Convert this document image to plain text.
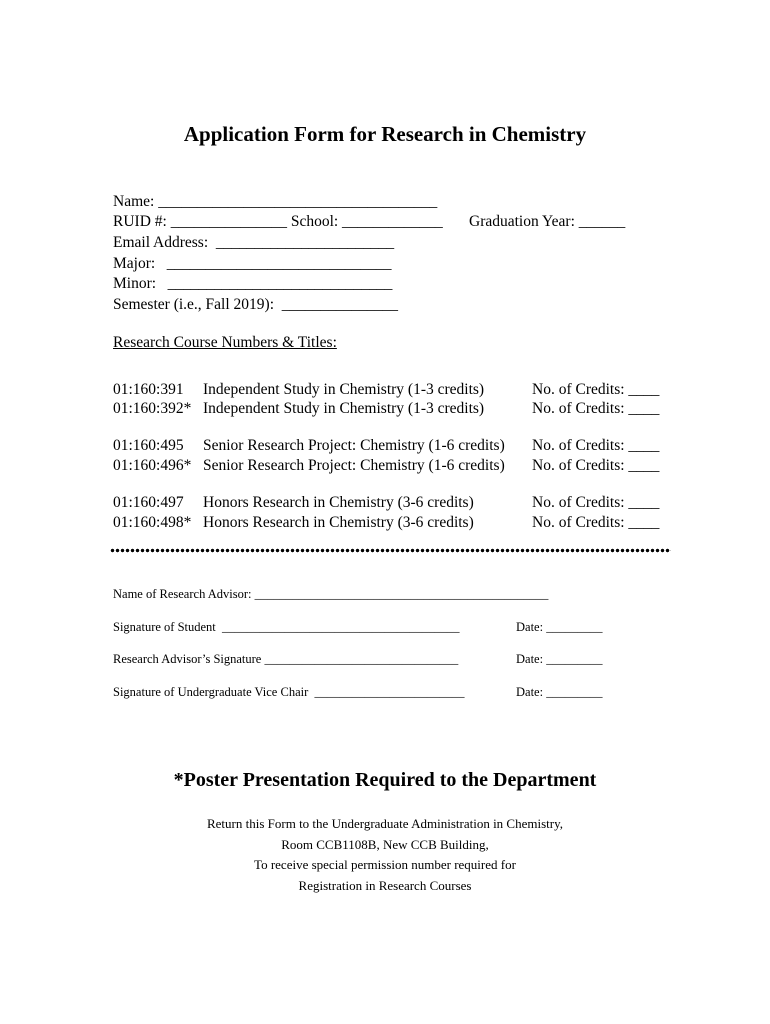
Application Form for Research in Chemistry
Name: ____________________________________
RUID #: _______________ School: _____________ Graduation Year: ______
Email Address:  _______________________
Major:   _____________________________
Minor:   _____________________________
Semester (i.e., Fall 2019):  _______________
Research Course Numbers & Titles:
01:160:391 Independent Study in Chemistry (1-3 credits)	No. of Credits: ____
01:160:392* Independent Study in Chemistry (1-3 credits)	No. of Credits: ____
01:160:495 Senior Research Project: Chemistry (1-6 credits) No. of Credits: ____
01:160:496* Senior Research Project: Chemistry (1-6 credits) No. of Credits: ____
01:160:497 Honors Research in Chemistry (3-6 credits)	No. of Credits: ____
01:160:498* Honors Research in Chemistry (3-6 credits)	No. of Credits: ____
Name of Research Advisor: _______________________________________________
Signature of Student  ______________________________________	Date: _________
Research Advisor’s Signature _______________________________	Date: _________
Signature of Undergraduate Vice Chair  ________________________	Date: _________
*Poster Presentation Required to the Department
Return this Form to the Undergraduate Administration in Chemistry,
Room CCB1108B, New CCB Building,
To receive special permission number required for
Registration in Research Courses
